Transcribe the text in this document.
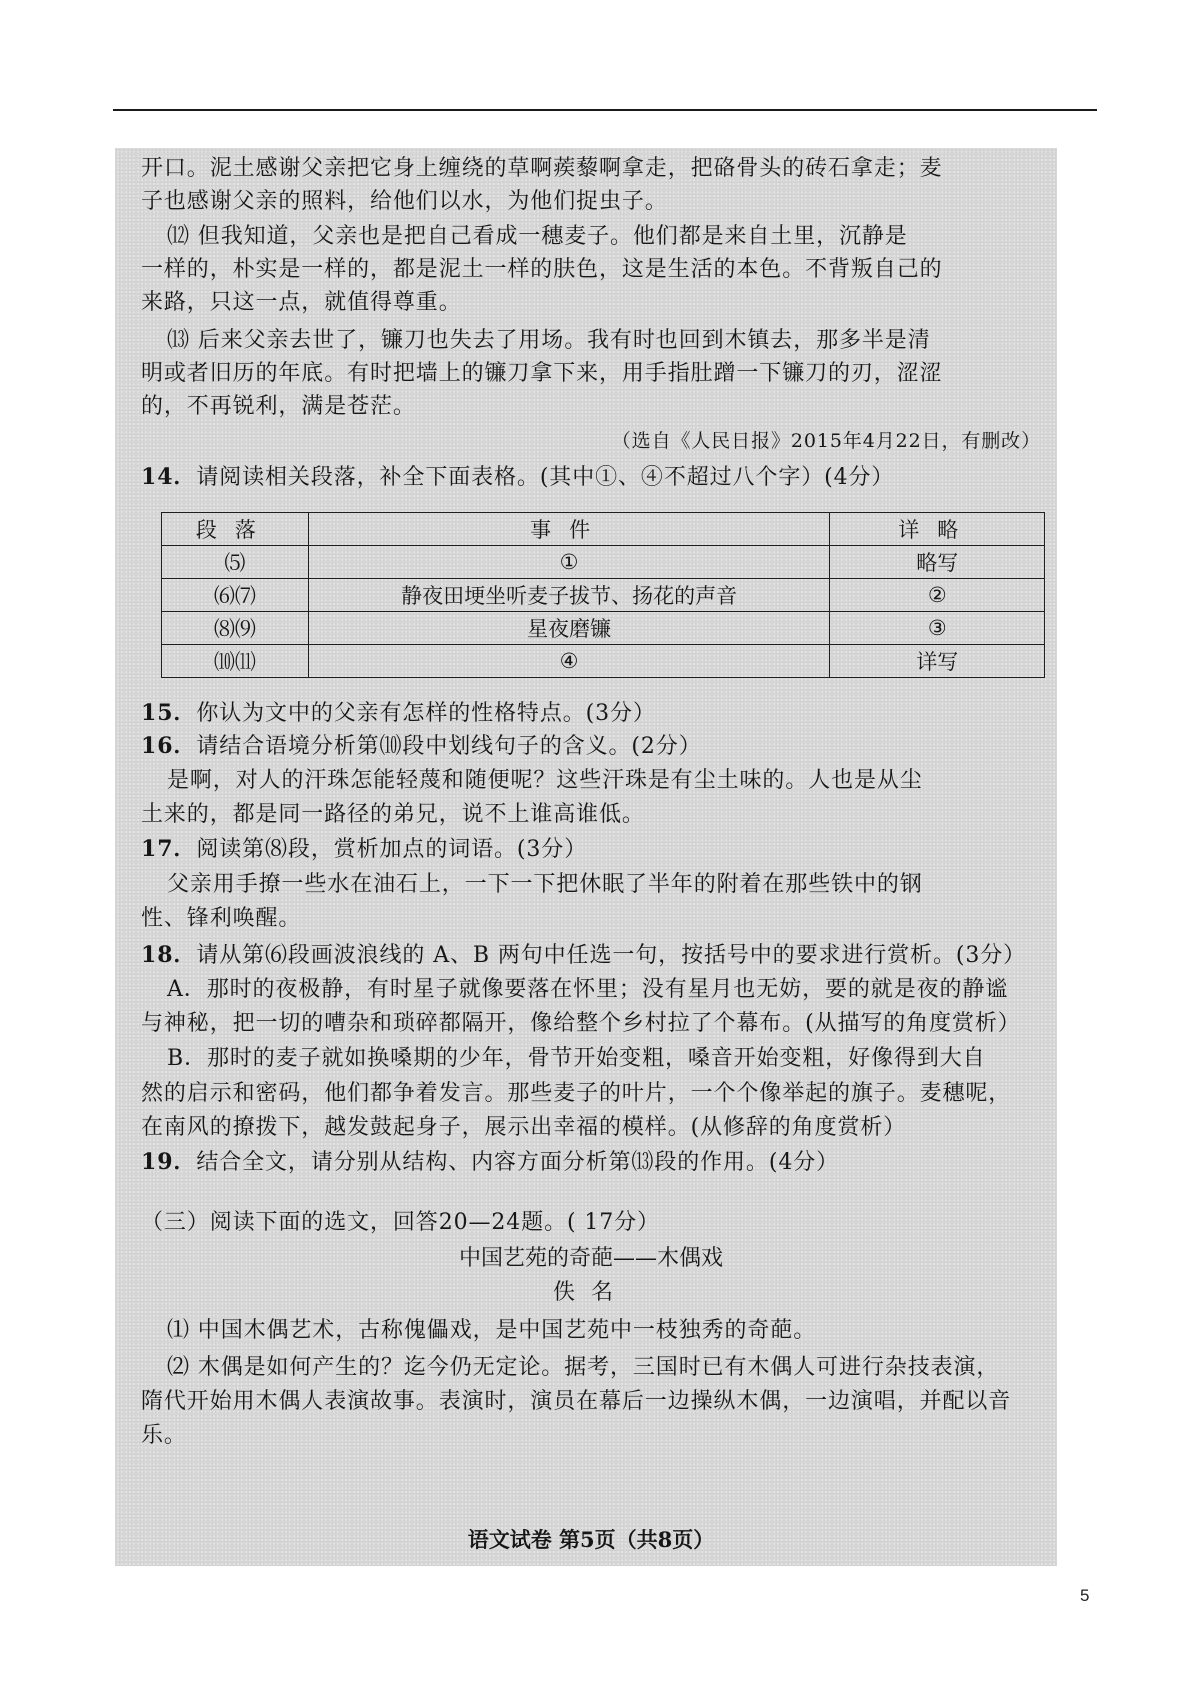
开口。泥土感谢父亲把它身上缠绕的草啊蒺藜啊拿走，把硌骨头的砖石拿走；麦

子也感谢父亲的照料，给他们以水，为他们捉虫子。

⑿ 但我知道，父亲也是把自己看成一穗麦子。他们都是来自土里，沉静是

一样的，朴实是一样的，都是泥土一样的肤色，这是生活的本色。不背叛自己的

来路，只这一点，就值得尊重。

⒀ 后来父亲去世了，镰刀也失去了用场。我有时也回到木镇去，那多半是清

明或者旧历的年底。有时把墙上的镰刀拿下来，用手指肚蹭一下镰刀的刃，涩涩

的，不再锐利，满是苍茫。

（选自《人民日报》2015年4月22日，有删改）

14．请阅读相关段落，补全下面表格。(其中①、④不超过八个字）(4分）

段落	事件	详略
⑸	①	略写
⑹⑺	静夜田埂坐听麦子拔节、扬花的声音	②
⑻⑼	星夜磨镰	③
⑽⑾	④	详写

15．你认为文中的父亲有怎样的性格特点。(3分）

16．请结合语境分析第⑽段中划线句子的含义。(2分）

是啊，对人的汗珠怎能轻蔑和随便呢？这些汗珠是有尘土味的。人也是从尘

土来的，都是同一路径的弟兄，说不上谁高谁低。

17．阅读第⑻段，赏析加点的词语。(3分）

父亲用手撩一些水在油石上，一下一下把休眠了半年的附着在那些铁中的钢

性、锋利唤醒。

18．请从第⑹段画波浪线的 A、B 两句中任选一句，按括号中的要求进行赏析。(3分）

A．那时的夜极静，有时星子就像要落在怀里；没有星月也无妨，要的就是夜的静谧

与神秘，把一切的嘈杂和琐碎都隔开，像给整个乡村拉了个幕布。(从描写的角度赏析）

B．那时的麦子就如换嗓期的少年，骨节开始变粗，嗓音开始变粗，好像得到大自

然的启示和密码，他们都争着发言。那些麦子的叶片，一个个像举起的旗子。麦穗呢，

在南风的撩拨下，越发鼓起身子，展示出幸福的模样。(从修辞的角度赏析）

19．结合全文，请分别从结构、内容方面分析第⒀段的作用。(4分）

（三）阅读下面的选文，回答20—24题。( 17分）

中国艺苑的奇葩——木偶戏

佚名

⑴ 中国木偶艺术，古称傀儡戏，是中国艺苑中一枝独秀的奇葩。

⑵ 木偶是如何产生的？迄今仍无定论。据考，三国时已有木偶人可进行杂技表演，

隋代开始用木偶人表演故事。表演时，演员在幕后一边操纵木偶，一边演唱，并配以音

乐。

语文试卷 第5页（共8页）

5
